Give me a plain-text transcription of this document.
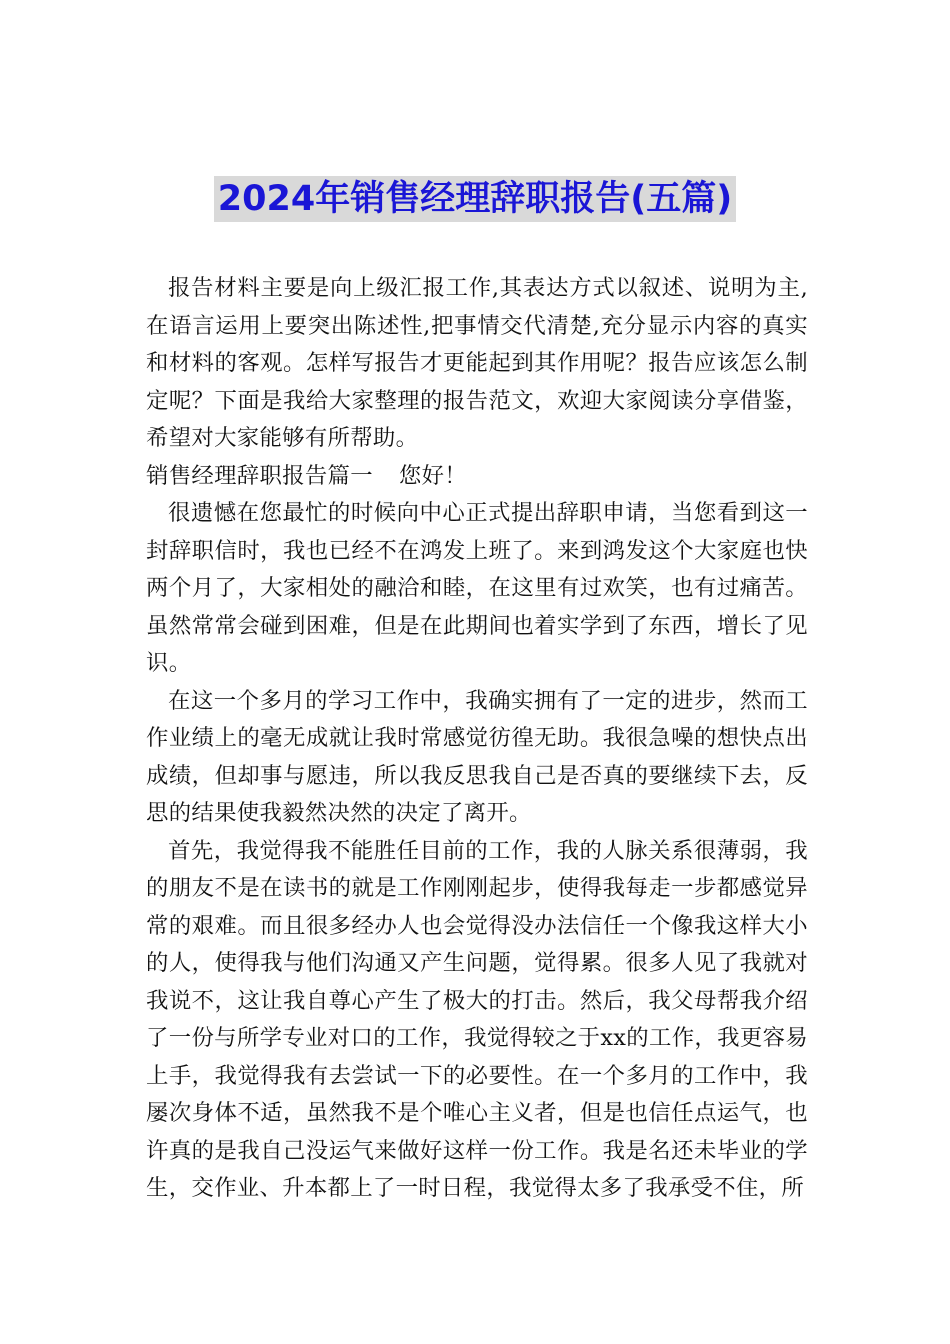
2024年销售经理辞职报告(五篇)

报告材料主要是向上级汇报工作,其表达方式以叙述、说明为主,在语言运用上要突出陈述性,把事情交代清楚,充分显示内容的真实和材料的客观。怎样写报告才更能起到其作用呢？报告应该怎么制定呢？下面是我给大家整理的报告范文，欢迎大家阅读分享借鉴，希望对大家能够有所帮助。

销售经理辞职报告篇一 您好！

很遗憾在您最忙的时候向中心正式提出辞职申请，当您看到这一封辞职信时，我也已经不在鸿发上班了。来到鸿发这个大家庭也快两个月了，大家相处的融洽和睦，在这里有过欢笑，也有过痛苦。虽然常常会碰到困难，但是在此期间也着实学到了东西，增长了见识。

在这一个多月的学习工作中，我确实拥有了一定的进步，然而工作业绩上的毫无成就让我时常感觉彷徨无助。我很急噪的想快点出成绩，但却事与愿违，所以我反思我自己是否真的要继续下去，反思的结果使我毅然决然的决定了离开。

首先，我觉得我不能胜任目前的工作，我的人脉关系很薄弱，我的朋友不是在读书的就是工作刚刚起步，使得我每走一步都感觉异常的艰难。而且很多经办人也会觉得没办法信任一个像我这样大小的人，使得我与他们沟通又产生问题，觉得累。很多人见了我就对我说不，这让我自尊心产生了极大的打击。然后，我父母帮我介绍了一份与所学专业对口的工作，我觉得较之于xx的工作，我更容易上手，我觉得我有去尝试一下的必要性。在一个多月的工作中，我屡次身体不适，虽然我不是个唯心主义者，但是也信任点运气，也许真的是我自己没运气来做好这样一份工作。我是名还未毕业的学生，交作业、升本都上了一时日程，我觉得太多了我承受不住，所
